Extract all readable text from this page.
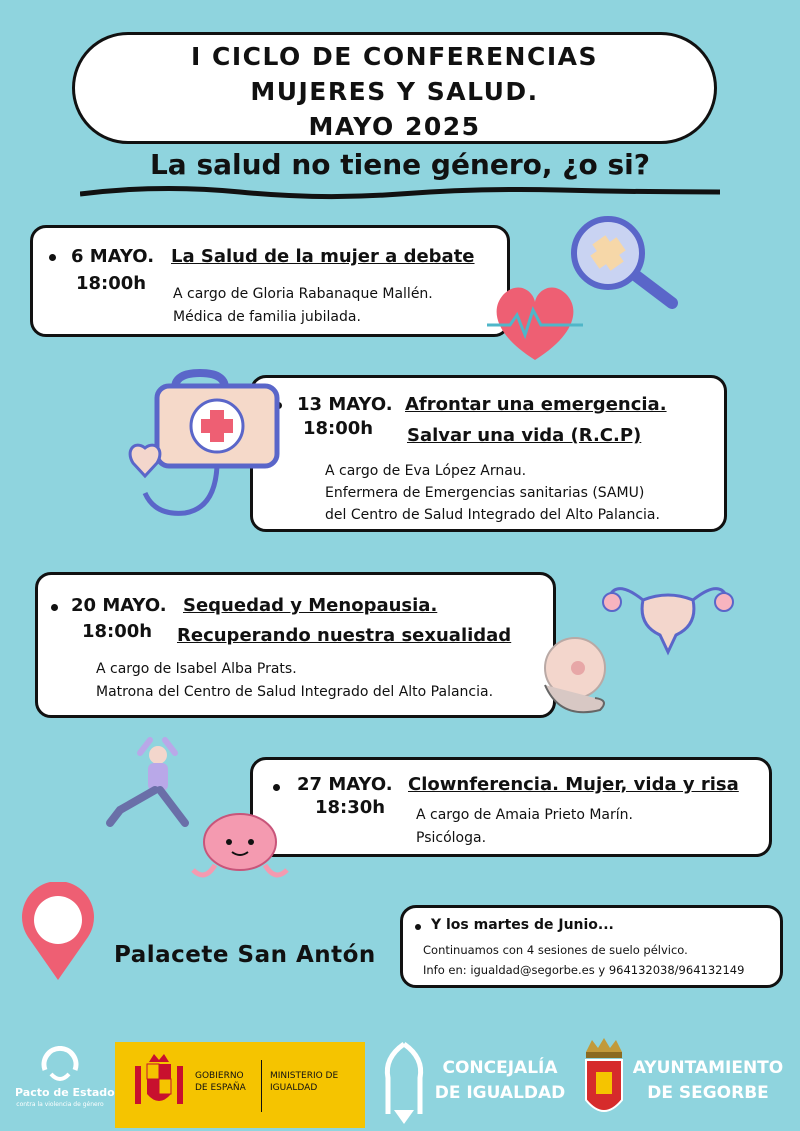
I CICLO DE CONFERENCIAS
MUJERES Y SALUD.
MAYO 2025
La salud no tiene género, ¿o si?
6 MAYO. La Salud de la mujer a debate
18:00h A cargo de Gloria Rabanaque Mallén.
Médica de familia jubilada.
13 MAYO. Afrontar una emergencia.
18:00h Salvar una vida (R.C.P)
A cargo de Eva López Arnau.
Enfermera de Emergencias sanitarias (SAMU)
del Centro de Salud Integrado del Alto Palancia.
20 MAYO. Sequedad y Menopausia.
18:00h Recuperando nuestra sexualidad
A cargo de Isabel Alba Prats.
Matrona del Centro de Salud Integrado del Alto Palancia.
27 MAYO. Clownferencia. Mujer, vida y risa
18:30h A cargo de Amaia Prieto Marín.
Psicóloga.
Palacete San Antón
Y los martes de Junio...
Continuamos con 4 sesiones de suelo pélvico.
Info en: igualdad@segorbe.es y 964132038/964132149
Pacto de Estado
contra la violencia de género
GOBIERNO DE ESPAÑA
MINISTERIO DE IGUALDAD
CONCEJALÍA
DE IGUALDAD
AYUNTAMIENTO
DE SEGORBE
